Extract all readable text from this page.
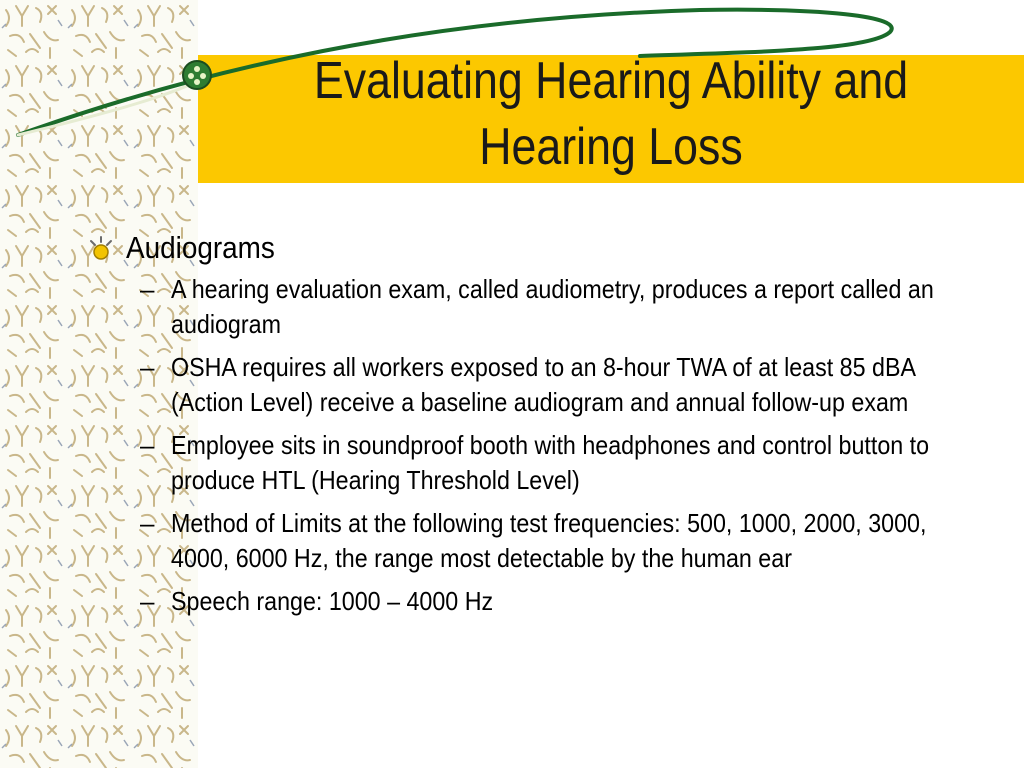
Evaluating Hearing Ability and
Hearing Loss
Audiograms
– A hearing evaluation exam, called audiometry, produces a report called an audiogram
– OSHA requires all workers exposed to an 8-hour TWA of at least 85 dBA (Action Level) receive a baseline audiogram and annual follow-up exam
– Employee sits in soundproof booth with headphones and control button to produce HTL (Hearing Threshold Level)
– Method of Limits at the following test frequencies: 500, 1000, 2000, 3000, 4000, 6000 Hz, the range most detectable by the human ear
– Speech range: 1000 – 4000 Hz
